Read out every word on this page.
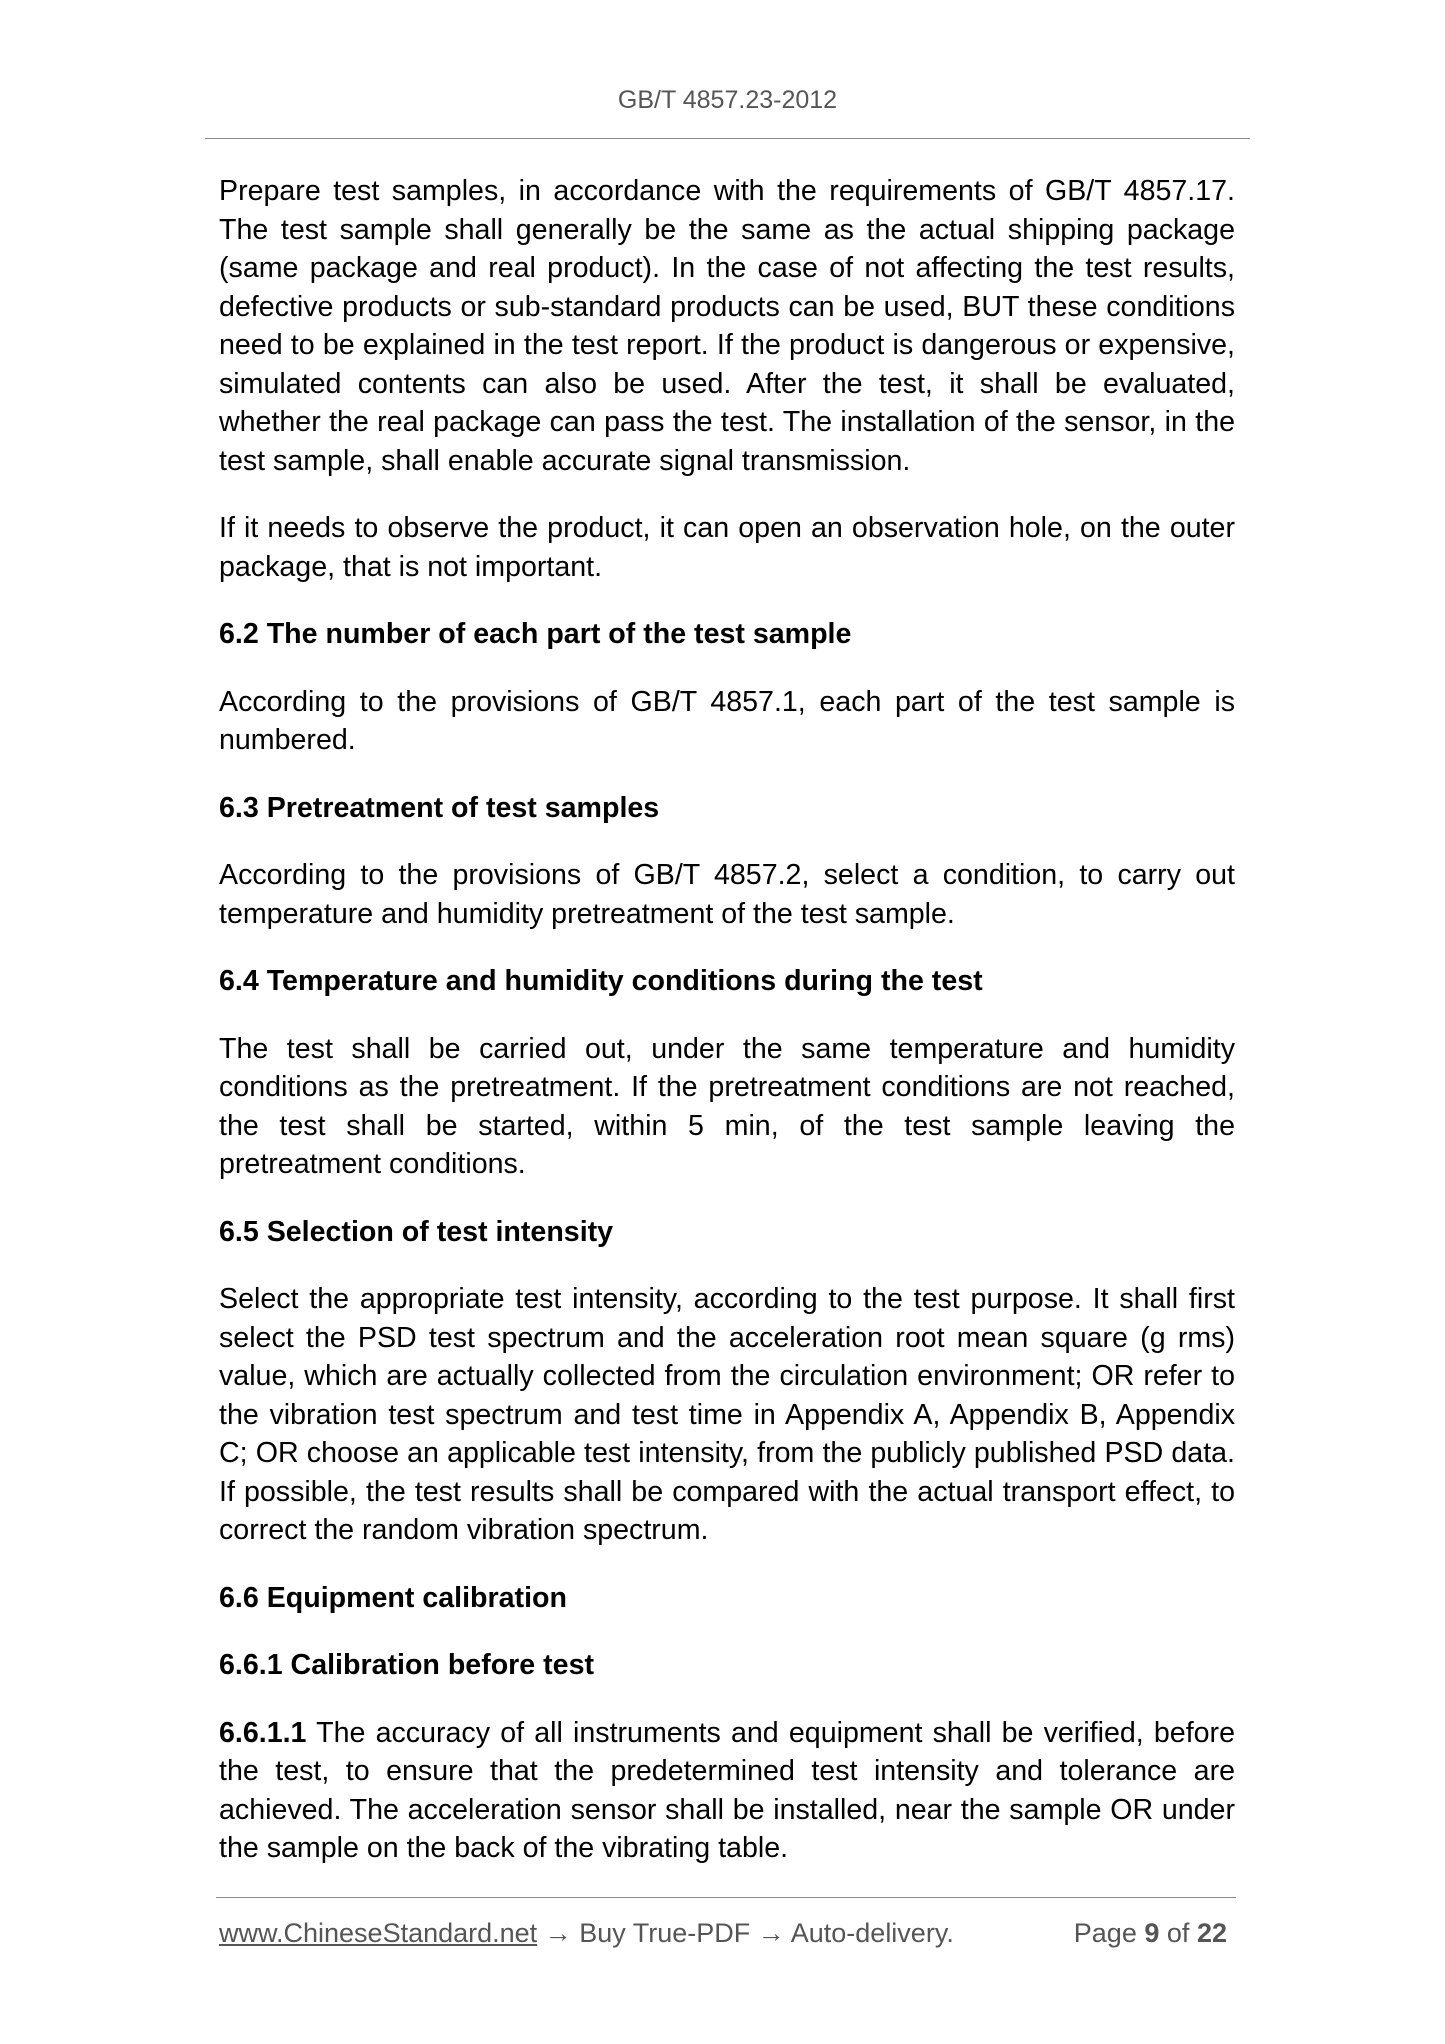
GB/T 4857.23-2012

Prepare test samples, in accordance with the requirements of GB/T 4857.17. The test sample shall generally be the same as the actual shipping package (same package and real product). In the case of not affecting the test results, defective products or sub-standard products can be used, BUT these conditions need to be explained in the test report. If the product is dangerous or expensive, simulated contents can also be used. After the test, it shall be evaluated, whether the real package can pass the test. The installation of the sensor, in the test sample, shall enable accurate signal transmission.

If it needs to observe the product, it can open an observation hole, on the outer package, that is not important.

6.2 The number of each part of the test sample

According to the provisions of GB/T 4857.1, each part of the test sample is numbered.

6.3 Pretreatment of test samples

According to the provisions of GB/T 4857.2, select a condition, to carry out temperature and humidity pretreatment of the test sample.

6.4 Temperature and humidity conditions during the test

The test shall be carried out, under the same temperature and humidity conditions as the pretreatment. If the pretreatment conditions are not reached, the test shall be started, within 5 min, of the test sample leaving the pretreatment conditions.

6.5 Selection of test intensity

Select the appropriate test intensity, according to the test purpose. It shall first select the PSD test spectrum and the acceleration root mean square (g rms) value, which are actually collected from the circulation environment; OR refer to the vibration test spectrum and test time in Appendix A, Appendix B, Appendix C; OR choose an applicable test intensity, from the publicly published PSD data. If possible, the test results shall be compared with the actual transport effect, to correct the random vibration spectrum.

6.6 Equipment calibration
6.6.1 Calibration before test

6.6.1.1 The accuracy of all instruments and equipment shall be verified, before the test, to ensure that the predetermined test intensity and tolerance are achieved. The acceleration sensor shall be installed, near the sample OR under the sample on the back of the vibrating table.

www.ChineseStandard.net → Buy True-PDF → Auto-delivery.	Page 9 of 22
